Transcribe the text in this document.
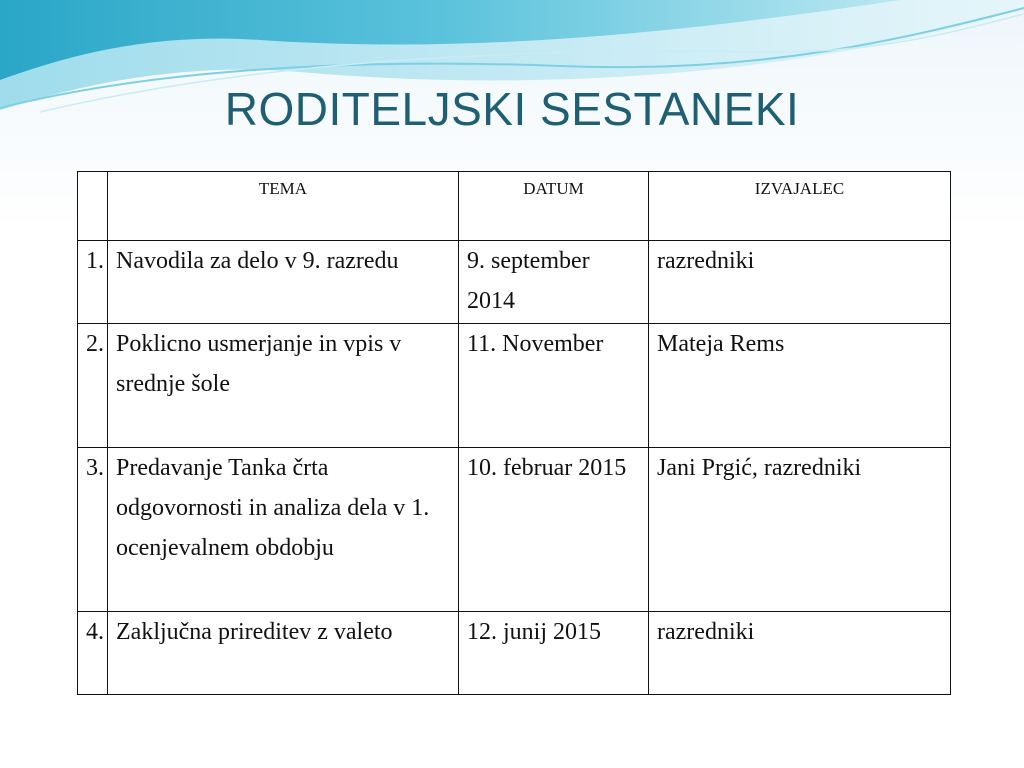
RODITELJSKI SESTANEKI
	TEMA	DATUM	IZVAJALEC
1.	Navodila za delo v 9. razredu	9. september 2014	razredniki
2.	Poklicno usmerjanje in vpis v srednje šole	11. November	Mateja Rems
3.	Predavanje Tanka črta odgovornosti in analiza dela v 1. ocenjevalnem obdobju	10. februar 2015	Jani Prgić, razredniki
4.	Zaključna prireditev z valeto	12. junij 2015	razredniki
